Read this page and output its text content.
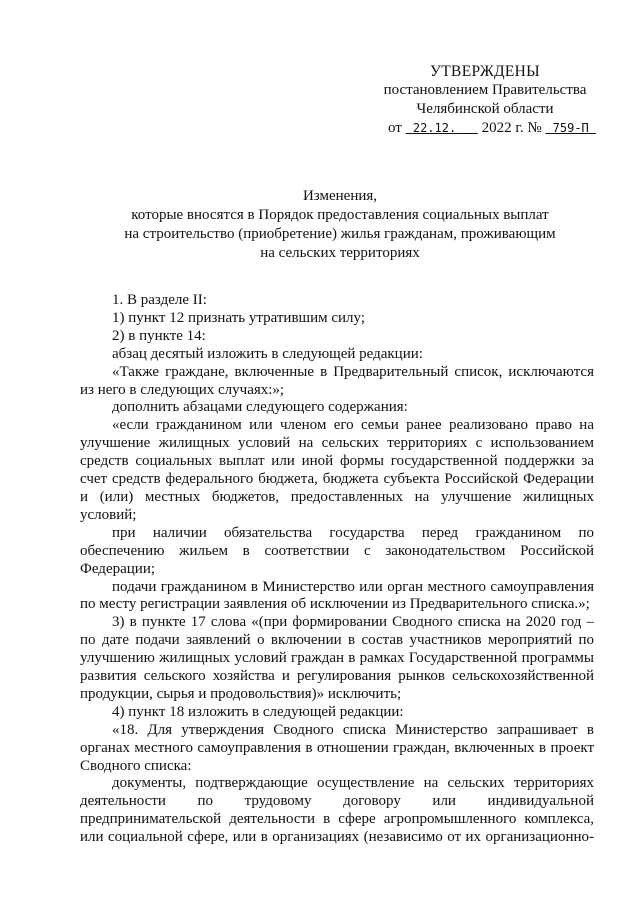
УТВЕРЖДЕНЫ
постановлением Правительства
Челябинской области
от 22.12. 2022 г. № 759-П
Изменения,
которые вносятся в Порядок предоставления социальных выплат
на строительство (приобретение) жилья гражданам, проживающим
на сельских территориях

1. В разделе II:

1) пункт 12 признать утратившим силу;

2) в пункте 14:

абзац десятый изложить в следующей редакции:

«Также граждане, включенные в Предварительный список, исключаются из него в следующих случаях:»;

дополнить абзацами следующего содержания:

«если гражданином или членом его семьи ранее реализовано право на улучшение жилищных условий на сельских территориях с использованием средств социальных выплат или иной формы государственной поддержки за счет средств федерального бюджета, бюджета субъекта Российской Федерации и (или) местных бюджетов, предоставленных на улучшение жилищных условий;

при наличии обязательства государства перед гражданином по обеспечению жильем в соответствии с законодательством Российской Федерации;

подачи гражданином в Министерство или орган местного самоуправления по месту регистрации заявления об исключении из Предварительного списка.»;

3) в пункте 17 слова «(при формировании Сводного списка на 2020 год – по дате подачи заявлений о включении в состав участников мероприятий по улучшению жилищных условий граждан в рамках Государственной программы развития сельского хозяйства и регулирования рынков сельскохозяйственной продукции, сырья и продовольствия)» исключить;

4) пункт 18 изложить в следующей редакции:

«18. Для утверждения Сводного списка Министерство запрашивает в органах местного самоуправления в отношении граждан, включенных в проект Сводного списка:

документы, подтверждающие осуществление на сельских территориях деятельности по трудовому договору или индивидуальной предпринимательской деятельности в сфере агропромышленного комплекса, или социальной сфере, или в организациях (независимо от их организационно-
